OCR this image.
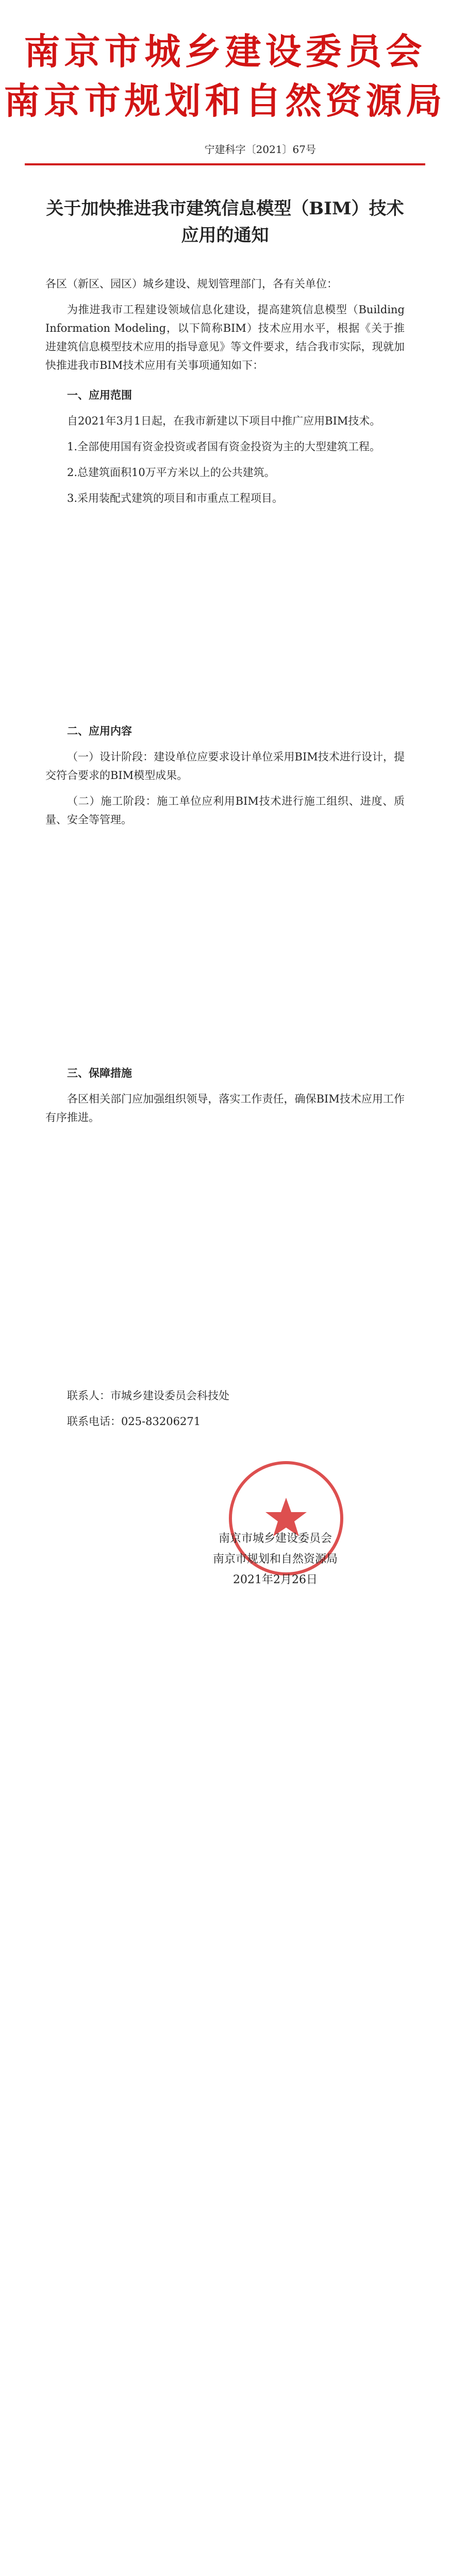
南京市城乡建设委员会
南京市规划和自然资源局
宁建科字〔2021〕67号
关于加快推进我市建筑信息模型（BIM）技术
应用的通知
各区（新区、园区）城乡建设、规划管理部门，各有关单位：
为推进我市工程建设领域信息化建设，提高建筑信息模型（Building Information Modeling，以下简称BIM）技术应用水平，根据《关于推进建筑信息模型技术应用的指导意见》等文件要求，结合我市实际，现就加快推进我市BIM技术应用有关事项通知如下：
一、应用范围
自2021年3月1日起，在我市新建以下项目中推广应用BIM技术。
1.全部使用国有资金投资或者国有资金投资为主的大型建筑工程。
2.总建筑面积10万平方米以上的公共建筑。
3.采用装配式建筑的项目和市重点工程项目。
二、应用内容
（一）设计阶段：建设单位应要求设计单位采用BIM技术进行设计，提交符合要求的BIM模型成果。
（二）施工阶段：施工单位应利用BIM技术进行施工组织、进度、质量、安全等管理。
三、保障措施
各区相关部门应加强组织领导，落实工作责任，确保BIM技术应用工作有序推进。
联系人：市城乡建设委员会科技处
联系电话：025-83206271
南京市城乡建设委员会
南京市规划和自然资源局
2021年2月26日
